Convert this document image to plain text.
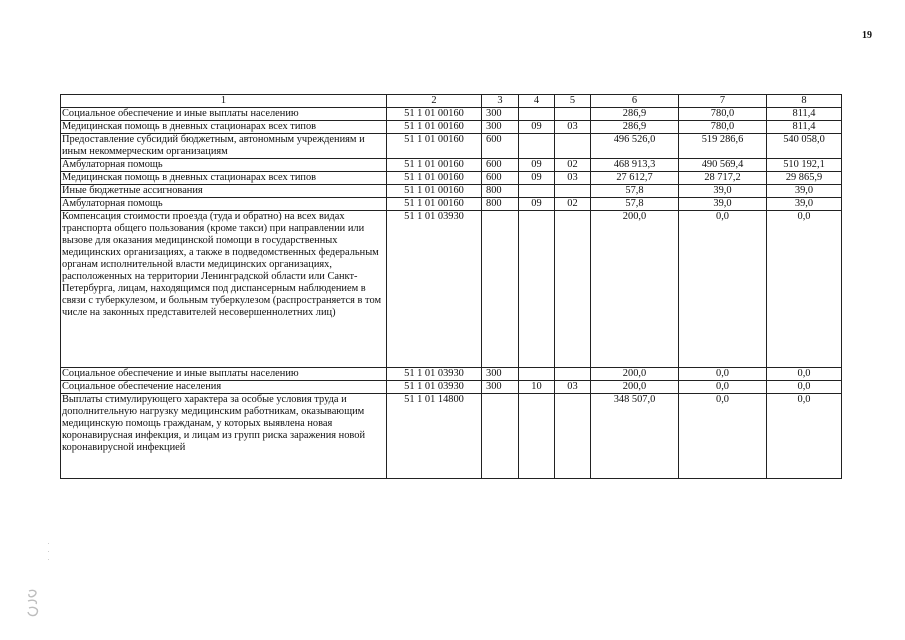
19
1	2	3	4	5	6	7	8
Социальное обеспечение и иные выплаты населению	51 1 01 00160	300			286,9	780,0	811,4
Медицинская помощь в дневных стационарах всех типов	51 1 01 00160	300	09	03	286,9	780,0	811,4
Предоставление субсидий бюджетным, автономным учреждениям и иным некоммерческим организациям	51 1 01 00160	600			496 526,0	519 286,6	540 058,0
Амбулаторная помощь	51 1 01 00160	600	09	02	468 913,3	490 569,4	510 192,1
Медицинская помощь в дневных стационарах всех типов	51 1 01 00160	600	09	03	27 612,7	28 717,2	29 865,9
Иные бюджетные ассигнования	51 1 01 00160	800			57,8	39,0	39,0
Амбулаторная помощь	51 1 01 00160	800	09	02	57,8	39,0	39,0
Компенсация стоимости проезда (туда и обратно) на всех видах транспорта общего пользования (кроме такси) при направлении или вызове для оказания медицинской помощи в государственных медицинских организациях, а также в подведомственных федеральным органам исполнительной власти медицинских организациях, расположенных на территории Ленинградской области или Санкт-Петербурга, лицам, находящимся под диспансерным наблюдением в связи с туберкулезом, и больным туберкулезом (распространяется в том числе на законных представителей несовершеннолетних лиц)	51 1 01 03930				200,0	0,0	0,0
Социальное обеспечение и иные выплаты населению	51 1 01 03930	300			200,0	0,0	0,0
Социальное обеспечение населения	51 1 01 03930	300	10	03	200,0	0,0	0,0
Выплаты стимулирующего характера за особые условия труда и дополнительную нагрузку медицинским работникам, оказывающим медицинскую помощь гражданам, у которых выявлена новая коронавирусная инфекция, и лицам из групп риска заражения новой коронавирусной инфекцией	51 1 01 14800				348 507,0	0,0	0,0
